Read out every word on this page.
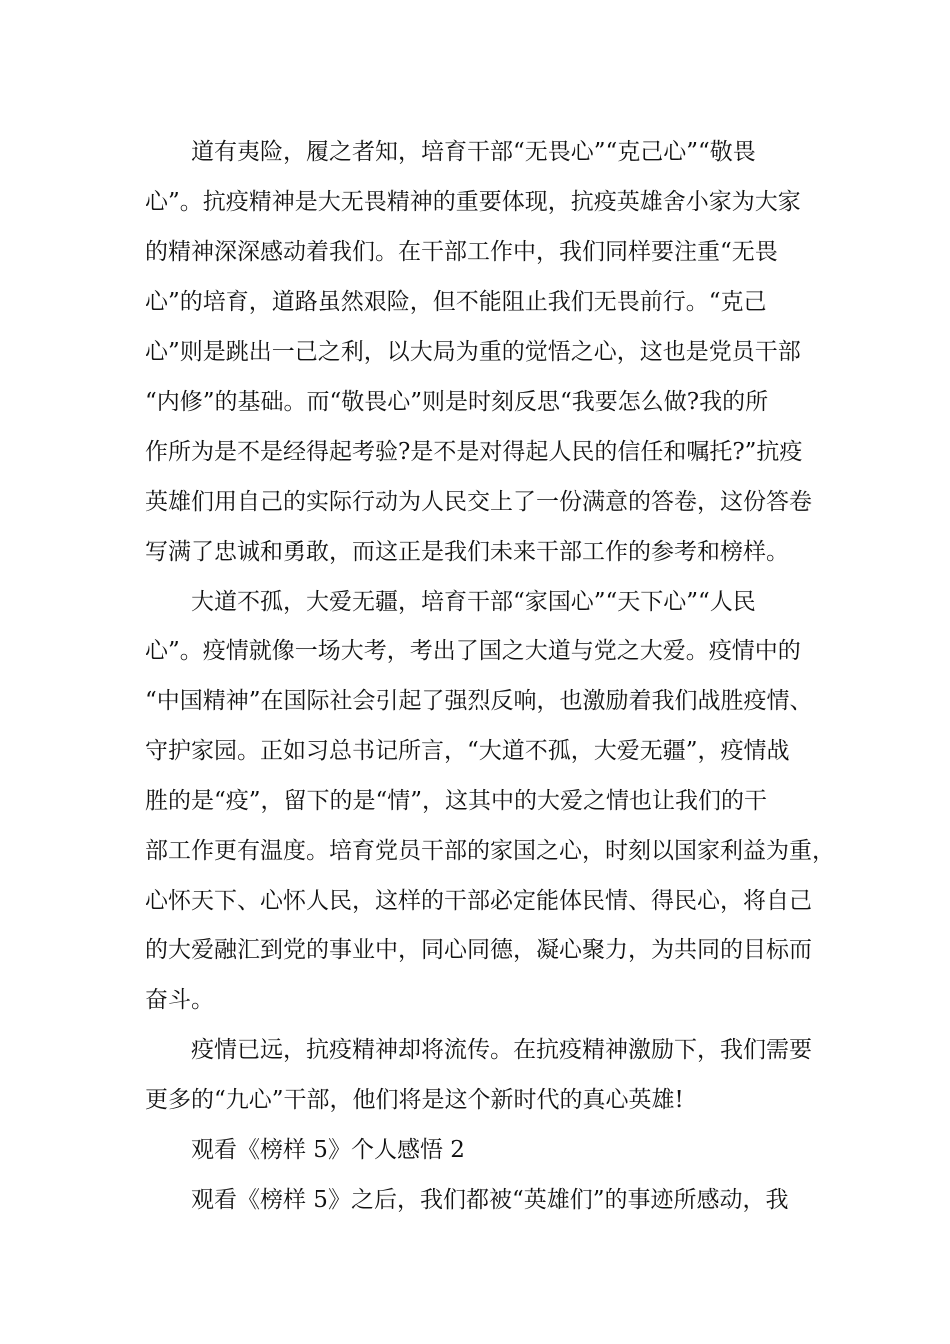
道有夷险，履之者知，培育干部“无畏心”“克己心”“敬畏
心”。抗疫精神是大无畏精神的重要体现，抗疫英雄舍小家为大家
的精神深深感动着我们。在干部工作中，我们同样要注重“无畏
心”的培育，道路虽然艰险，但不能阻止我们无畏前行。“克己
心”则是跳出一己之利，以大局为重的觉悟之心，这也是党员干部
“内修”的基础。而“敬畏心”则是时刻反思“我要怎么做?我的所
作所为是不是经得起考验?是不是对得起人民的信任和嘱托?”抗疫
英雄们用自己的实际行动为人民交上了一份满意的答卷，这份答卷
写满了忠诚和勇敢，而这正是我们未来干部工作的参考和榜样。
大道不孤，大爱无疆，培育干部“家国心”“天下心”“人民
心”。疫情就像一场大考，考出了国之大道与党之大爱。疫情中的
“中国精神”在国际社会引起了强烈反响，也激励着我们战胜疫情、
守护家园。正如习总书记所言，“大道不孤，大爱无疆”，疫情战
胜的是“疫”，留下的是“情”，这其中的大爱之情也让我们的干
部工作更有温度。培育党员干部的家国之心，时刻以国家利益为重，
心怀天下、心怀人民，这样的干部必定能体民情、得民心，将自己
的大爱融汇到党的事业中，同心同德，凝心聚力，为共同的目标而
奋斗。
疫情已远，抗疫精神却将流传。在抗疫精神激励下，我们需要
更多的“九心”干部，他们将是这个新时代的真心英雄!
观看《榜样 5》个人感悟 2
观看《榜样 5》之后，我们都被“英雄们”的事迹所感动，我
